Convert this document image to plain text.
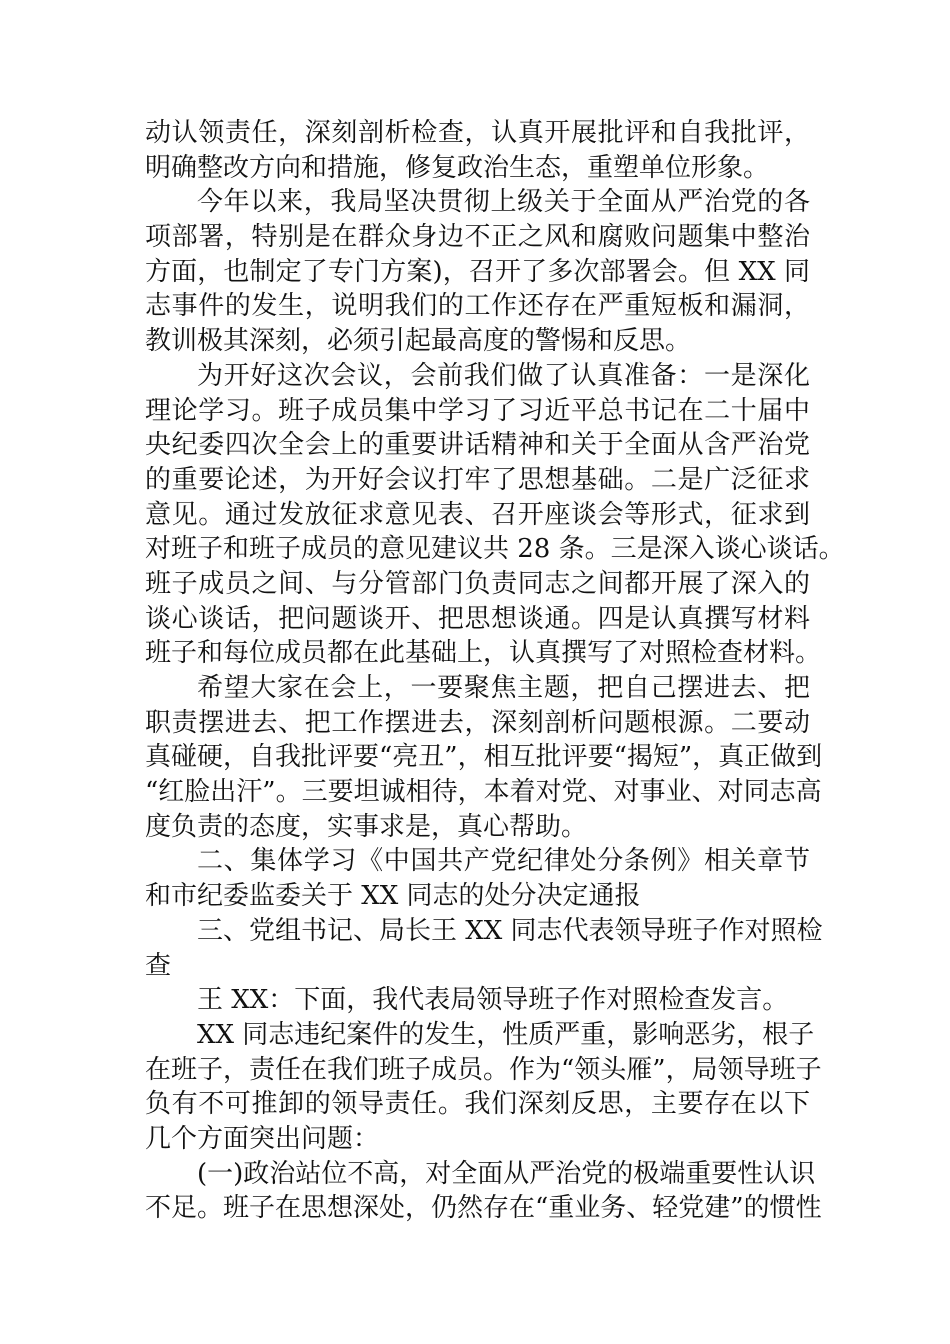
动认领责任，深刻剖析检查，认真开展批评和自我批评，
明确整改方向和措施，修复政治生态，重塑单位形象。
今年以来，我局坚决贯彻上级关于全面从严治党的各
项部署，特别是在群众身边不正之风和腐败问题集中整治
方面，也制定了专门方案)，召开了多次部署会。但 XX 同
志事件的发生，说明我们的工作还存在严重短板和漏洞，
教训极其深刻，必须引起最高度的警惕和反思。
为开好这次会议，会前我们做了认真准备：一是深化
理论学习。班子成员集中学习了习近平总书记在二十届中
央纪委四次全会上的重要讲话精神和关于全面从含严治党
的重要论述，为开好会议打牢了思想基础。二是广泛征求
意见。通过发放征求意见表、召开座谈会等形式，征求到
对班子和班子成员的意见建议共 28 条。三是深入谈心谈话。
班子成员之间、与分管部门负责同志之间都开展了深入的
谈心谈话，把问题谈开、把思想谈通。四是认真撰写材料
班子和每位成员都在此基础上，认真撰写了对照检查材料。
希望大家在会上，一要聚焦主题，把自己摆进去、把
职责摆进去、把工作摆进去，深刻剖析问题根源。二要动
真碰硬，自我批评要“亮丑”，相互批评要“揭短”，真正做到
“红脸出汗”。三要坦诚相待，本着对党、对事业、对同志高
度负责的态度，实事求是，真心帮助。
二、集体学习《中国共产党纪律处分条例》相关章节
和市纪委监委关于 XX 同志的处分决定通报
三、党组书记、局长王 XX 同志代表领导班子作对照检
查
王 XX：下面，我代表局领导班子作对照检查发言。
XX 同志违纪案件的发生，性质严重，影响恶劣，根子
在班子，责任在我们班子成员。作为“领头雁”，局领导班子
负有不可推卸的领导责任。我们深刻反思，主要存在以下
几个方面突出问题：
(一)政治站位不高，对全面从严治党的极端重要性认识
不足。班子在思想深处，仍然存在“重业务、轻党建”的惯性
